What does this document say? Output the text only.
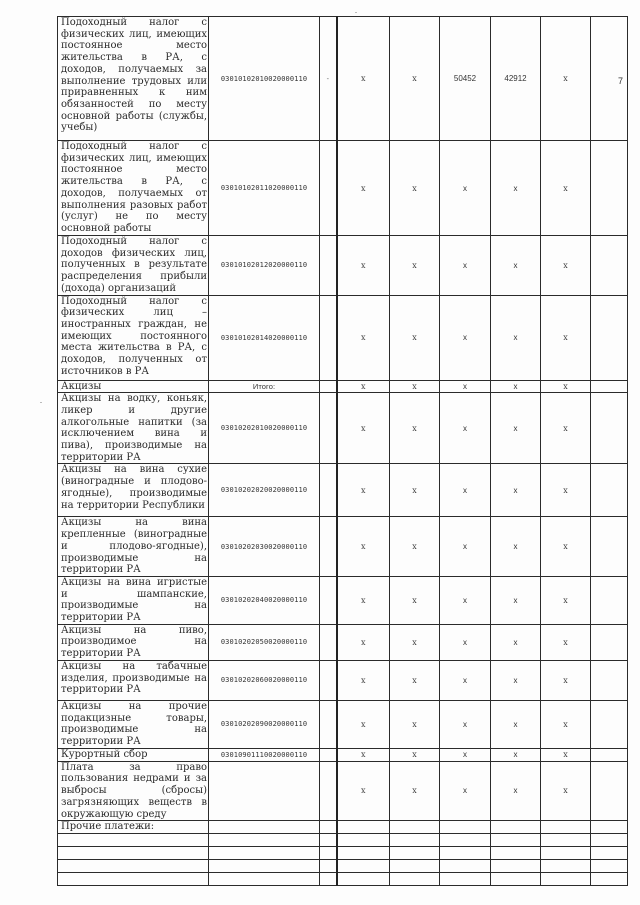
Подоходный налог с физических лиц, имеющих постоянное место жительства в РА, с доходов, получаемых за выполнение трудовых или приравненных к ним обязанностей по месту основной работы (службы, учебы)	03010102010020000110	-	x	x	50452	42912	x	
Подоходный налог с физических лиц, имеющих постоянное место жительства в РА, с доходов, получаемых от выполнения разовых работ (услуг) не по месту основной работы	03010102011020000110		x	x	x	x	x	
Подоходный налог с доходов физических лиц, полученных в результате распределения прибыли (дохода) организаций	03010102012020000110		x	x	x	x	x	
Подоходный налог с физических лиц – иностранных граждан, не имеющих постоянного места жительства в РА, с доходов, полученных от источников в РА	03010102014020000110		x	x	x	x	x	
Акцизы	Итого:		x	x	x	x	x	
Акцизы на водку, коньяк, ликер и другие алкогольные напитки (за исключением вина и пива), производимые на территории РА	03010202010020000110		x	x	x	x	x	
Акцизы на вина сухие (виноградные и плодово-ягодные), производимые на территории Республики	03010202020020000110		x	x	x	x	x	
Акцизы на вина крепленные (виноградные и плодово-ягодные), производимые на территории РА	03010202030020000110		x	x	x	x	x	
Акцизы на вина игристые и шампанские, производимые на территории РА	03010202040020000110		x	x	x	x	x	
Акцизы на пиво, производимое на территории РА	03010202050020000110		x	x	x	x	x	
Акцизы на табачные изделия, производимые на территории РА	03010202060020000110		x	x	x	x	x	
Акцизы на прочие подакцизные товары, производимые на территории РА	03010202090020000110		x	x	x	x	x	
Курортный сбор	03010901110020000110		x	x	x	x	x	
Плата за право пользования недрами и за выбросы (сбросы) загрязняющих веществ в окружающую среду			x	x	x	x	x	
Прочие платежи:								

7
